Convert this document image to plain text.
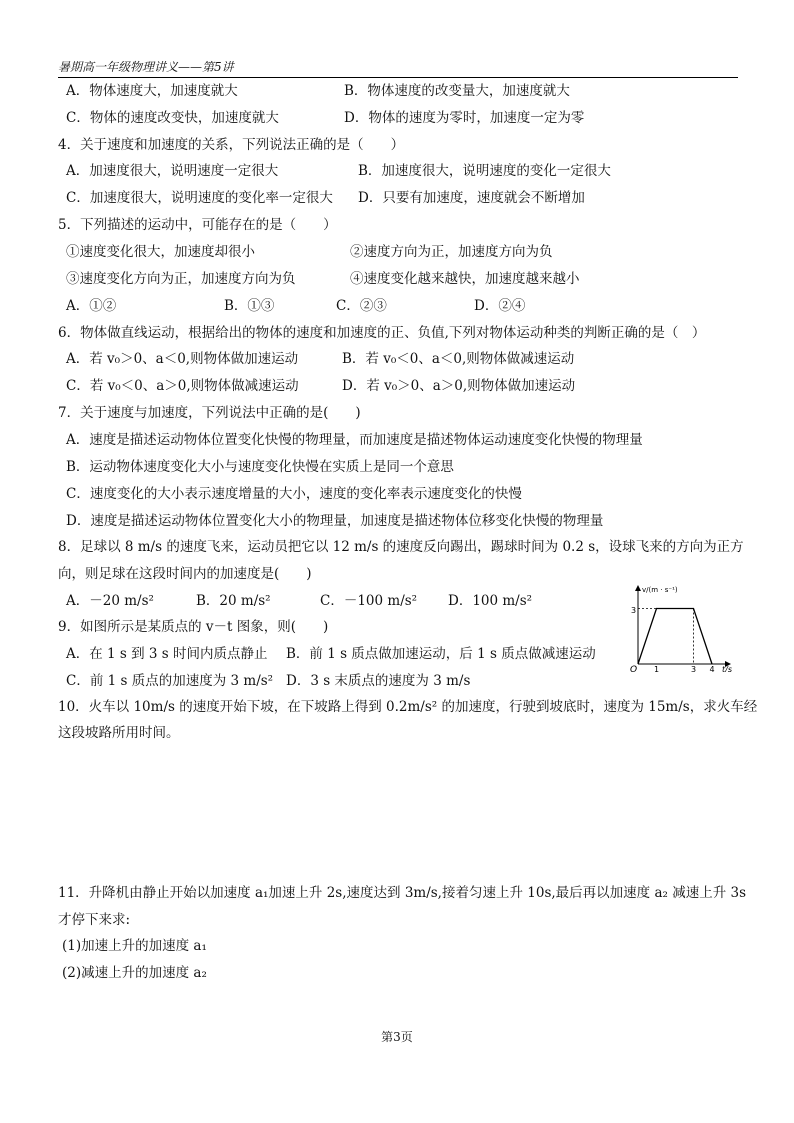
暑期高一年级物理讲义——第5讲
A．物体速度大，加速度就大	B．物体速度的改变量大，加速度就大
C．物体的速度改变快，加速度就大	D．物体的速度为零时，加速度一定为零
4．关于速度和加速度的关系，下列说法正确的是（　　）
A．加速度很大，说明速度一定很大	B．加速度很大，说明速度的变化一定很大
C．加速度很大，说明速度的变化率一定很大 D．只要有加速度，速度就会不断增加
5．下列描述的运动中，可能存在的是（　　）
①速度变化很大，加速度却很小	②速度方向为正，加速度方向为负
③速度变化方向为正，加速度方向为负	④速度变化越来越快，加速度越来越小
A．①②	B．①③	C．②③	D．②④
6．物体做直线运动，根据给出的物体的速度和加速度的正、负值,下列对物体运动种类的判断正确的是（　）
A．若 v₀＞0、a＜0,则物体做加速运动	B．若 v₀＜0、a＜0,则物体做减速运动
C．若 v₀＜0、a＞0,则物体做减速运动	D．若 v₀＞0、a＞0,则物体做加速运动
7．关于速度与加速度，下列说法中正确的是(　　)
A．速度是描述运动物体位置变化快慢的物理量，而加速度是描述物体运动速度变化快慢的物理量
B．运动物体速度变化大小与速度变化快慢在实质上是同一个意思
C．速度变化的大小表示速度增量的大小，速度的变化率表示速度变化的快慢
D．速度是描述运动物体位置变化大小的物理量，加速度是描述物体位移变化快慢的物理量
8．足球以 8 m/s 的速度飞来，运动员把它以 12 m/s 的速度反向踢出，踢球时间为 0.2 s，设球飞来的方向为正方
向，则足球在这段时间内的加速度是(　　)
A．－20 m/s²	B．20 m/s²	C．－100 m/s² D．100 m/s²
9．如图所示是某质点的 v－t 图象，则(　　)
A．在 1 s 到 3 s 时间内质点静止 B．前 1 s 质点做加速运动，后 1 s 质点做减速运动
C．前 1 s 质点的加速度为 3 m/s² D．3 s 末质点的速度为 3 m/s
v/(m · s⁻¹)
t/s
O
3
1	3 4
10．火车以 10m/s 的速度开始下坡，在下坡路上得到 0.2m/s² 的加速度，行驶到坡底时，速度为 15m/s，求火车经
这段坡路所用时间。
11．升降机由静止开始以加速度 a₁加速上升 2s,速度达到 3m/s,接着匀速上升 10s,最后再以加速度 a₂ 减速上升 3s
才停下来求:
(1)加速上升的加速度 a₁
(2)减速上升的加速度 a₂
第3页
